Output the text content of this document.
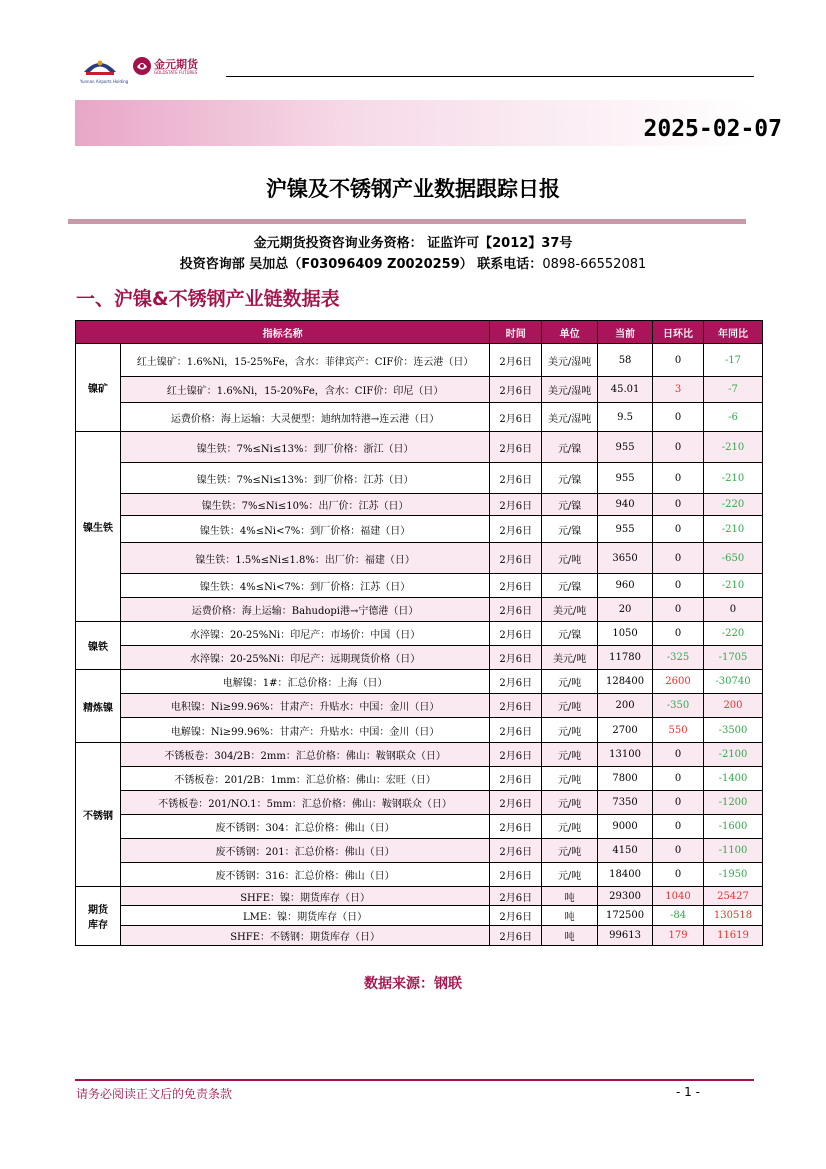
Yunnan Airports Holding
金元期货
GOLDSTATE FUTURES
2025-02-07
沪镍及不锈钢产业数据跟踪日报
金元期货投资咨询业务资格： 证监许可【2012】37号
投资咨询部 吴加总（F03096409 Z0020259） 联系电话：0898-66552081
一、沪镍&不锈钢产业链数据表
指标名称		时间	单位	当前	日环比	年同比
镍矿	红土镍矿：1.6%Ni，15-25%Fe，含水：菲律宾产：CIF价：连云港（日）	2月6日	美元/湿吨	58	0	-17
	红土镍矿：1.6%Ni，15-20%Fe，含水：CIF价：印尼（日）	2月6日	美元/湿吨	45.01	3	-7
	运费价格：海上运输：大灵便型：迪纳加特港→连云港（日）	2月6日	美元/湿吨	9.5	0	-6
镍生铁	镍生铁：7%≤Ni≤13%：到厂价格：浙江（日）	2月6日	元/镍	955	0	-210
	镍生铁：7%≤Ni≤13%：到厂价格：江苏（日）	2月6日	元/镍	955	0	-210
	镍生铁：7%≤Ni≤10%：出厂价：江苏（日）	2月6日	元/镍	940	0	-220
	镍生铁：4%≤Ni<7%：到厂价格：福建（日）	2月6日	元/镍	955	0	-210
	镍生铁：1.5%≤Ni≤1.8%：出厂价：福建（日）	2月6日	元/吨	3650	0	-650
	镍生铁：4%≤Ni<7%：到厂价格：江苏（日）	2月6日	元/镍	960	0	-210
	运费价格：海上运输：Bahudopi港→宁德港（日）	2月6日	美元/吨	20	0	0
镍铁	水淬镍：20-25%Ni：印尼产：市场价：中国（日）	2月6日	元/镍	1050	0	-220
	水淬镍：20-25%Ni：印尼产：远期现货价格（日）	2月6日	美元/吨	11780	-325	-1705
精炼镍	电解镍：1#：汇总价格：上海（日）	2月6日	元/吨	128400	2600	-30740
	电积镍：Ni≥99.96%：甘肃产：升贴水：中国：金川（日）	2月6日	元/吨	200	-350	200
	电解镍：Ni≥99.96%：甘肃产：升贴水：中国：金川（日）	2月6日	元/吨	2700	550	-3500
不锈钢	不锈板卷：304/2B：2mm：汇总价格：佛山：鞍钢联众（日）	2月6日	元/吨	13100	0	-2100
	不锈板卷：201/2B：1mm：汇总价格：佛山：宏旺（日）	2月6日	元/吨	7800	0	-1400
	不锈板卷：201/NO.1：5mm：汇总价格：佛山：鞍钢联众（日）	2月6日	元/吨	7350	0	-1200
	废不锈钢：304：汇总价格：佛山（日）	2月6日	元/吨	9000	0	-1600
	废不锈钢：201：汇总价格：佛山（日）	2月6日	元/吨	4150	0	-1100
	废不锈钢：316：汇总价格：佛山（日）	2月6日	元/吨	18400	0	-1950
期货
库存	SHFE：镍：期货库存（日）	2月6日	吨	29300	1040	25427
	LME：镍：期货库存（日）	2月6日	吨	172500	-84	130518
	SHFE：不锈钢：期货库存（日）	2月6日	吨	99613	179	11619
数据来源：钢联
请务必阅读正文后的免责条款	- 1 -
